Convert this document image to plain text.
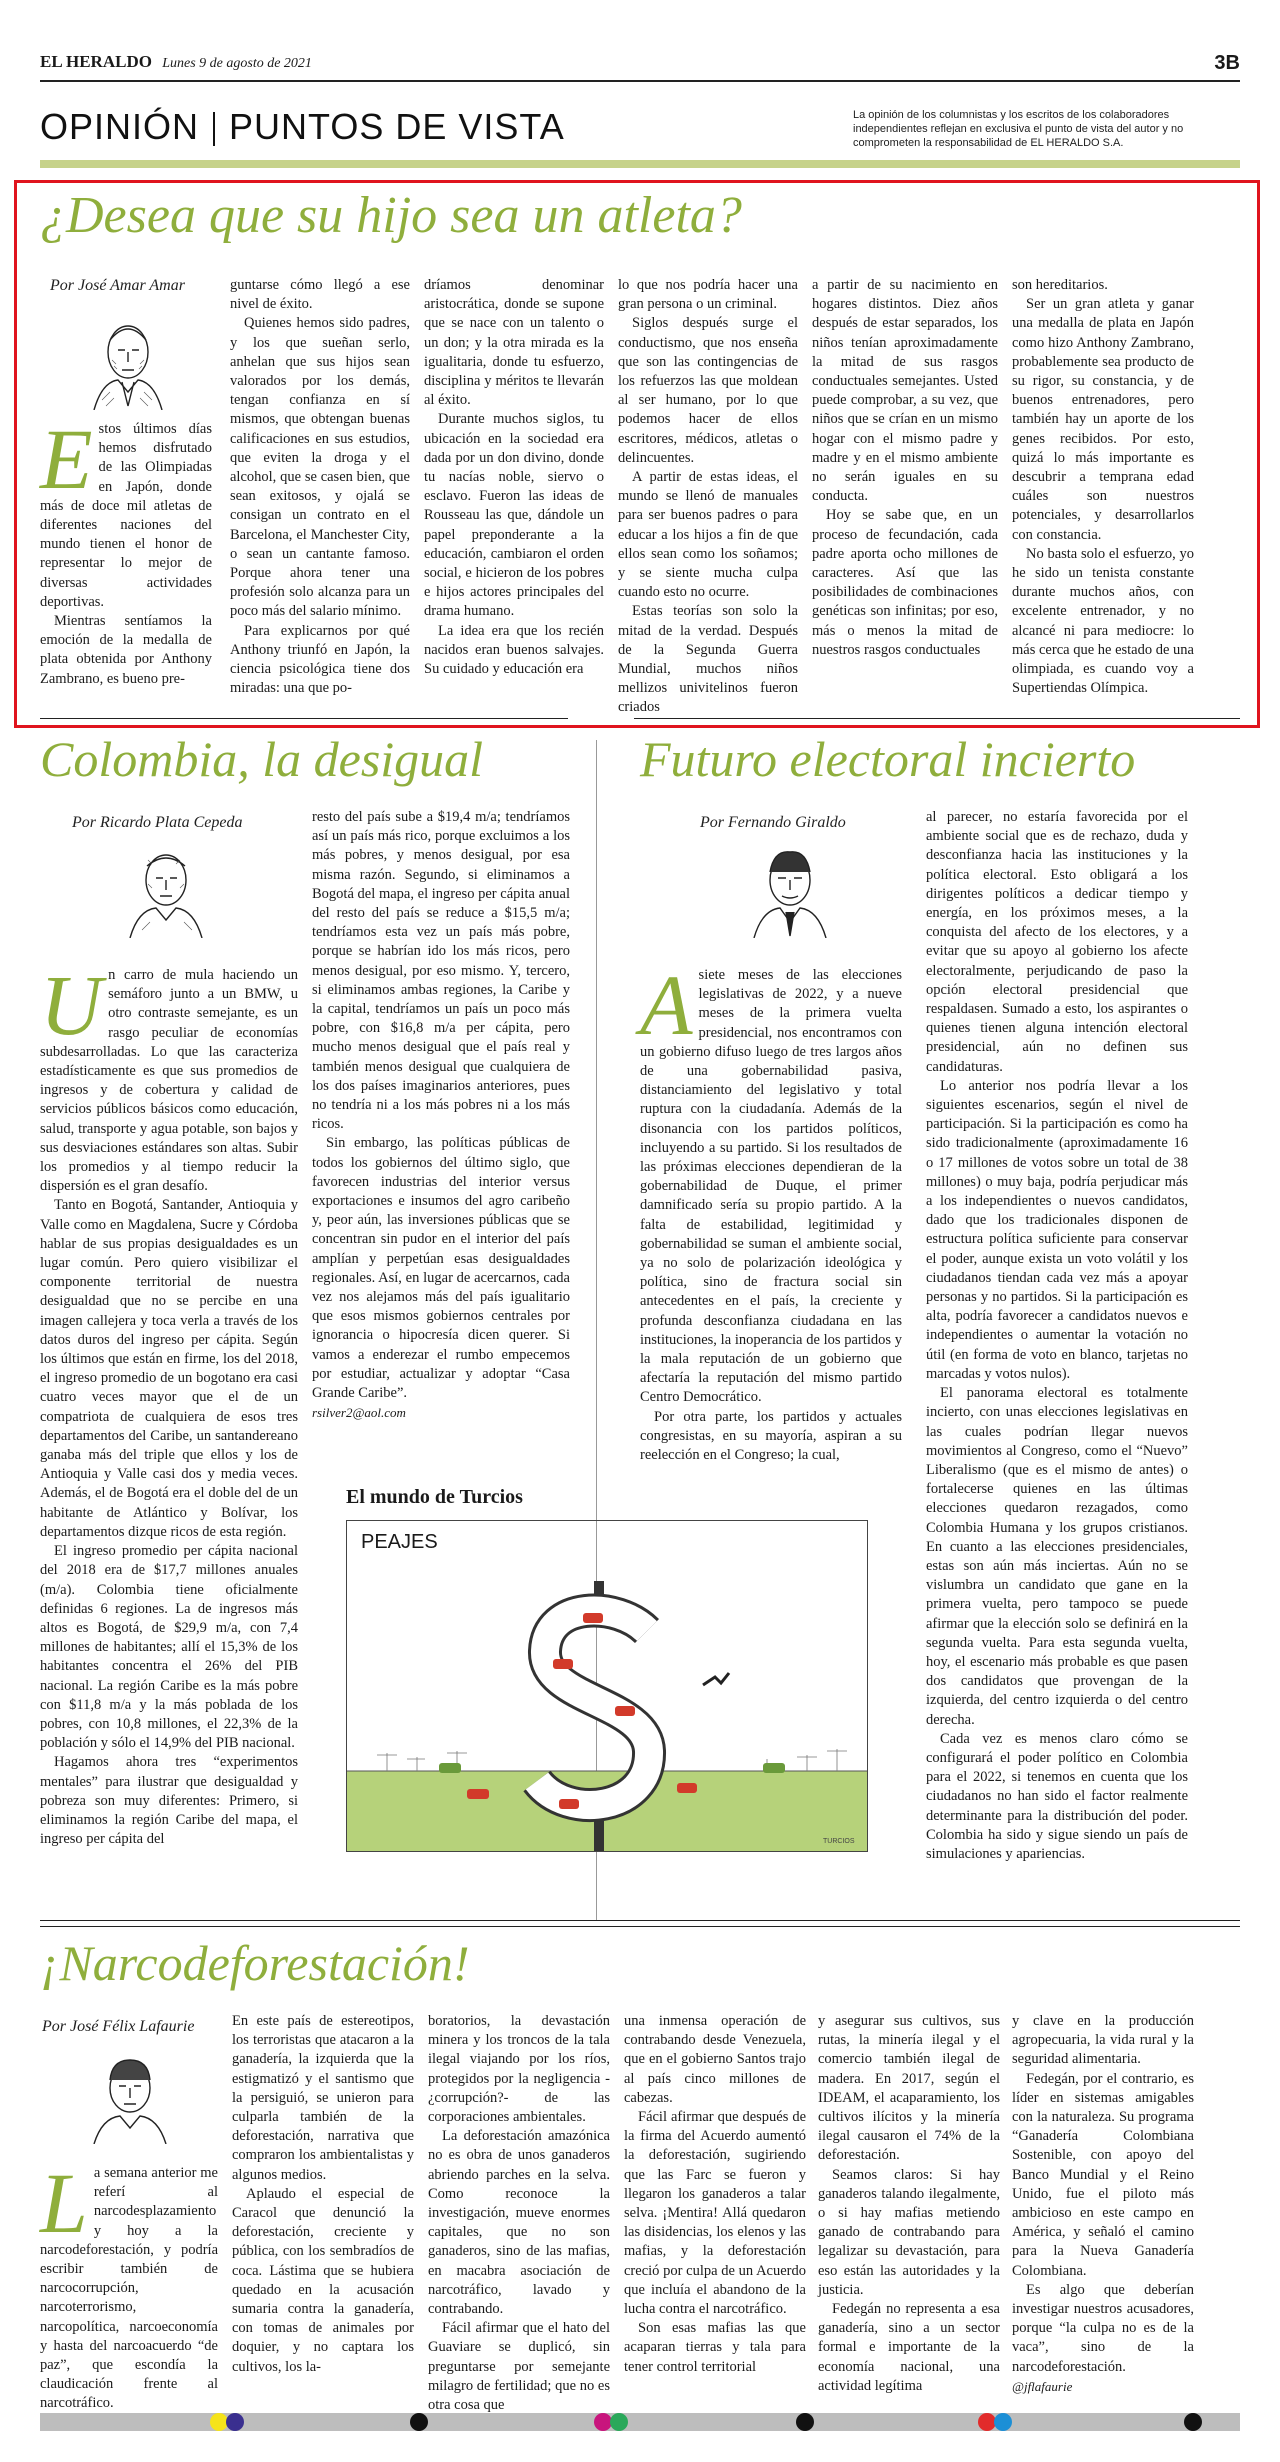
EL HERALDO Lunes 9 de agosto de 2021	3B
OPINIÓN PUNTOS DE VISTA	La opinión de los columnistas y los escritos de los colaboradores independientes reflejan en exclusiva el punto de vista del autor y no comprometen la responsabilidad de EL HERALDO S.A.
¿Desea que su hijo sea un atleta?
Por José Amar Amar
E stos últimos días hemos disfrutado de las Olimpiadas en Japón, donde más de doce mil atletas de diferentes naciones del mundo tienen el honor de representar lo mejor de diversas actividades deportivas.

Mientras sentíamos la emoción de la medalla de plata obtenida por Anthony Zambrano, es bueno pre-

guntarse cómo llegó a ese nivel de éxito.

Quienes hemos sido padres, y los que sueñan serlo, anhelan que sus hijos sean valorados por los demás, tengan confianza en sí mismos, que obtengan buenas calificaciones en sus estudios, que eviten la droga y el alcohol, que se casen bien, que sean exitosos, y ojalá se consigan un contrato en el Barcelona, el Manchester City, o sean un cantante famoso. Porque ahora tener una profesión solo alcanza para un poco más del salario mínimo.

Para explicarnos por qué Anthony triunfó en Japón, la ciencia psicológica tiene dos miradas: una que po-

dríamos denominar aristocrática, donde se supone que se nace con un talento o un don; y la otra mirada es la igualitaria, donde tu esfuerzo, disciplina y méritos te llevarán al éxito.

Durante muchos siglos, tu ubicación en la sociedad era dada por un don divino, donde tu nacías noble, siervo o esclavo. Fueron las ideas de Rousseau las que, dándole un papel preponderante a la educación, cambiaron el orden social, e hicieron de los pobres e hijos actores principales del drama humano.

La idea era que los recién nacidos eran buenos salvajes. Su cuidado y educación era

lo que nos podría hacer una gran persona o un criminal.

Siglos después surge el conductismo, que nos enseña que son las contingencias de los refuerzos las que moldean al ser humano, por lo que podemos hacer de ellos escritores, médicos, atletas o delincuentes.

A partir de estas ideas, el mundo se llenó de manuales para ser buenos padres o para educar a los hijos a fin de que ellos sean como los soñamos; y se siente mucha culpa cuando esto no ocurre.

Estas teorías son solo la mitad de la verdad. Después de la Segunda Guerra Mundial, muchos niños mellizos univitelinos fueron criados

a partir de su nacimiento en hogares distintos. Diez años después de estar separados, los niños tenían aproximadamente la mitad de sus rasgos conductuales semejantes. Usted puede comprobar, a su vez, que niños que se crían en un mismo hogar con el mismo padre y madre y en el mismo ambiente no serán iguales en su conducta.

Hoy se sabe que, en un proceso de fecundación, cada padre aporta ocho millones de caracteres. Así que las posibilidades de combinaciones genéticas son infinitas; por eso, más o menos la mitad de nuestros rasgos conductuales

son hereditarios.

Ser un gran atleta y ganar una medalla de plata en Japón como hizo Anthony Zambrano, probablemente sea producto de su rigor, su constancia, y de buenos entrenadores, pero también hay un aporte de los genes recibidos. Por esto, quizá lo más importante es descubrir a temprana edad cuáles son nuestros potenciales, y desarrollarlos con constancia.

No basta solo el esfuerzo, yo he sido un tenista constante durante muchos años, con excelente entrenador, y no alcancé ni para mediocre: lo más cerca que he estado de una olimpiada, es cuando voy a Supertiendas Olímpica.

Colombia, la desigual
Por Ricardo Plata Cepeda
U n carro de mula haciendo un semáforo junto a un BMW, u otro contraste semejante, es un rasgo peculiar de economías subdesarrolladas. Lo que las caracteriza estadísticamente es que sus promedios de ingresos y de cobertura y calidad de servicios públicos básicos como educación, salud, transporte y agua potable, son bajos y sus desviaciones estándares son altas. Subir los promedios y al tiempo reducir la dispersión es el gran desafío.

Tanto en Bogotá, Santander, Antioquia y Valle como en Magdalena, Sucre y Córdoba hablar de sus propias desigualdades es un lugar común. Pero quiero visibilizar el componente territorial de nuestra desigualdad que no se percibe en una imagen callejera y toca verla a través de los datos duros del ingreso per cápita. Según los últimos que están en firme, los del 2018, el ingreso promedio de un bogotano era casi cuatro veces mayor que el de un compatriota de cualquiera de esos tres departamentos del Caribe, un santandereano ganaba más del triple que ellos y los de Antioquia y Valle casi dos y media veces. Además, el de Bogotá era el doble del de un habitante de Atlántico y Bolívar, los departamentos dizque ricos de esta región.

El ingreso promedio per cápita nacional del 2018 era de $17,7 millones anuales (m/a). Colombia tiene oficialmente definidas 6 regiones. La de ingresos más altos es Bogotá, de $29,9 m/a, con 7,4 millones de habitantes; allí el 15,3% de los habitantes concentra el 26% del PIB nacional. La región Caribe es la más pobre con $11,8 m/a y la más poblada de los pobres, con 10,8 millones, el 22,3% de la población y sólo el 14,9% del PIB nacional.

Hagamos ahora tres “experimentos mentales” para ilustrar que desigualdad y pobreza son muy diferentes: Primero, si eliminamos la región Caribe del mapa, el ingreso per cápita del

resto del país sube a $19,4 m/a; tendríamos así un país más rico, porque excluimos a los más pobres, y menos desigual, por esa misma razón. Segundo, si eliminamos a Bogotá del mapa, el ingreso per cápita anual del resto del país se reduce a $15,5 m/a; tendríamos esta vez un país más pobre, porque se habrían ido los más ricos, pero menos desigual, por eso mismo. Y, tercero, si eliminamos ambas regiones, la Caribe y la capital, tendríamos un país un poco más pobre, con $16,8 m/a per cápita, pero mucho menos desigual que el país real y también menos desigual que cualquiera de los dos países imaginarios anteriores, pues no tendría ni a los más pobres ni a los más ricos.

Sin embargo, las políticas públicas de todos los gobiernos del último siglo, que favorecen industrias del interior versus exportaciones e insumos del agro caribeño y, peor aún, las inversiones públicas que se concentran sin pudor en el interior del país amplían y perpetúan esas desigualdades regionales. Así, en lugar de acercarnos, cada vez nos alejamos más del país igualitario que esos mismos gobiernos centrales por ignorancia o hipocresía dicen querer. Si vamos a enderezar el rumbo empecemos por estudiar, actualizar y adoptar “Casa Grande Caribe”.

rsilver2@aol.com

El mundo de Turcios
PEAJES
TURCIOS
Futuro electoral incierto
Por Fernando Giraldo
A siete meses de las elecciones legislativas de 2022, y a nueve meses de la primera vuelta presidencial, nos encontramos con un gobierno difuso luego de tres largos años de una gobernabilidad pasiva, distanciamiento del legislativo y total ruptura con la ciudadanía. Además de la disonancia con los partidos políticos, incluyendo a su partido. Si los resultados de las próximas elecciones dependieran de la gobernabilidad de Duque, el primer damnificado sería su propio partido. A la falta de estabilidad, legitimidad y gobernabilidad se suman el ambiente social, ya no solo de polarización ideológica y política, sino de fractura social sin antecedentes en el país, la creciente y profunda desconfianza ciudadana en las instituciones, la inoperancia de los partidos y la mala reputación de un gobierno que afectaría la reputación del mismo partido Centro Democrático.

Por otra parte, los partidos y actuales congresistas, en su mayoría, aspiran a su reelección en el Congreso; la cual,

al parecer, no estaría favorecida por el ambiente social que es de rechazo, duda y desconfianza hacia las instituciones y la política electoral. Esto obligará a los dirigentes políticos a dedicar tiempo y energía, en los próximos meses, a la conquista del afecto de los electores, y a evitar que su apoyo al gobierno los afecte electoralmente, perjudicando de paso la opción electoral presidencial que respaldasen. Sumado a esto, los aspirantes o quienes tienen alguna intención electoral presidencial, aún no definen sus candidaturas.

Lo anterior nos podría llevar a los siguientes escenarios, según el nivel de participación. Si la participación es como ha sido tradicionalmente (aproximadamente 16 o 17 millones de votos sobre un total de 38 millones) o muy baja, podría perjudicar más a los independientes o nuevos candidatos, dado que los tradicionales disponen de estructura política suficiente para conservar el poder, aunque exista un voto volátil y los ciudadanos tiendan cada vez más a apoyar personas y no partidos. Si la participación es alta, podría favorecer a candidatos nuevos e independientes o aumentar la votación no útil (en forma de voto en blanco, tarjetas no marcadas y votos nulos).

El panorama electoral es totalmente incierto, con unas elecciones legislativas en las cuales podrían llegar nuevos movimientos al Congreso, como el “Nuevo” Liberalismo (que es el mismo de antes) o fortalecerse quienes en las últimas elecciones quedaron rezagados, como Colombia Humana y los grupos cristianos. En cuanto a las elecciones presidenciales, estas son aún más inciertas. Aún no se vislumbra un candidato que gane en la primera vuelta, pero tampoco se puede afirmar que la elección solo se definirá en la segunda vuelta. Para esta segunda vuelta, hoy, el escenario más probable es que pasen dos candidatos que provengan de la izquierda, del centro izquierda o del centro derecha.

Cada vez es menos claro cómo se configurará el poder político en Colombia para el 2022, si tenemos en cuenta que los ciudadanos no han sido el factor realmente determinante para la distribución del poder. Colombia ha sido y sigue siendo un país de simulaciones y apariencias.

¡Narcodeforestación!
Por José Félix Lafaurie
L a semana anterior me referí al narcodesplazamiento y hoy a la narcodeforestación, y podría escribir también de narcocorrupción, narcoterrorismo, narcopolítica, narcoeconomía y hasta del narcoacuerdo “de paz”, que escondía la claudicación frente al narcotráfico.

En este país de estereotipos, los terroristas que atacaron a la ganadería, la izquierda que la estigmatizó y el santismo que la persiguió, se unieron para culparla también de la deforestación, narrativa que compraron los ambientalistas y algunos medios.

Aplaudo el especial de Caracol que denunció la deforestación, creciente y pública, con los sembradíos de coca. Lástima que se hubiera quedado en la acusación sumaria contra la ganadería, con tomas de animales por doquier, y no captara los cultivos, los la-

boratorios, la devastación minera y los troncos de la tala ilegal viajando por los ríos, protegidos por la negligencia -¿corrupción?- de las corporaciones ambientales.

La deforestación amazónica no es obra de unos ganaderos abriendo parches en la selva. Como reconoce la investigación, mueve enormes capitales, que no son ganaderos, sino de las mafias, en macabra asociación de narcotráfico, lavado y contrabando.

Fácil afirmar que el hato del Guaviare se duplicó, sin preguntarse por semejante milagro de fertilidad; que no es otra cosa que

una inmensa operación de contrabando desde Venezuela, que en el gobierno Santos trajo al país cinco millones de cabezas.

Fácil afirmar que después de la firma del Acuerdo aumentó la deforestación, sugiriendo que las Farc se fueron y llegaron los ganaderos a talar selva. ¡Mentira! Allá quedaron las disidencias, los elenos y las mafias, y la deforestación creció por culpa de un Acuerdo que incluía el abandono de la lucha contra el narcotráfico.

Son esas mafias las que acaparan tierras y tala para tener control territorial

y asegurar sus cultivos, sus rutas, la minería ilegal y el comercio también ilegal de madera. En 2017, según el IDEAM, el acaparamiento, los cultivos ilícitos y la minería ilegal causaron el 74% de la deforestación.

Seamos claros: Si hay ganaderos talando ilegalmente, o si hay mafias metiendo ganado de contrabando para legalizar su devastación, para eso están las autoridades y la justicia.

Fedegán no representa a esa ganadería, sino a un sector formal e importante de la economía nacional, una actividad legítima

y clave en la producción agropecuaria, la vida rural y la seguridad alimentaria.

Fedegán, por el contrario, es líder en sistemas amigables con la naturaleza. Su programa “Ganadería Colombiana Sostenible, con apoyo del Banco Mundial y el Reino Unido, fue el piloto más ambicioso en este campo en América, y señaló el camino para la Nueva Ganadería Colombiana.

Es algo que deberían investigar nuestros acusadores, porque “la culpa no es de la vaca”, sino de la narcodeforestación.

@jflafaurie
